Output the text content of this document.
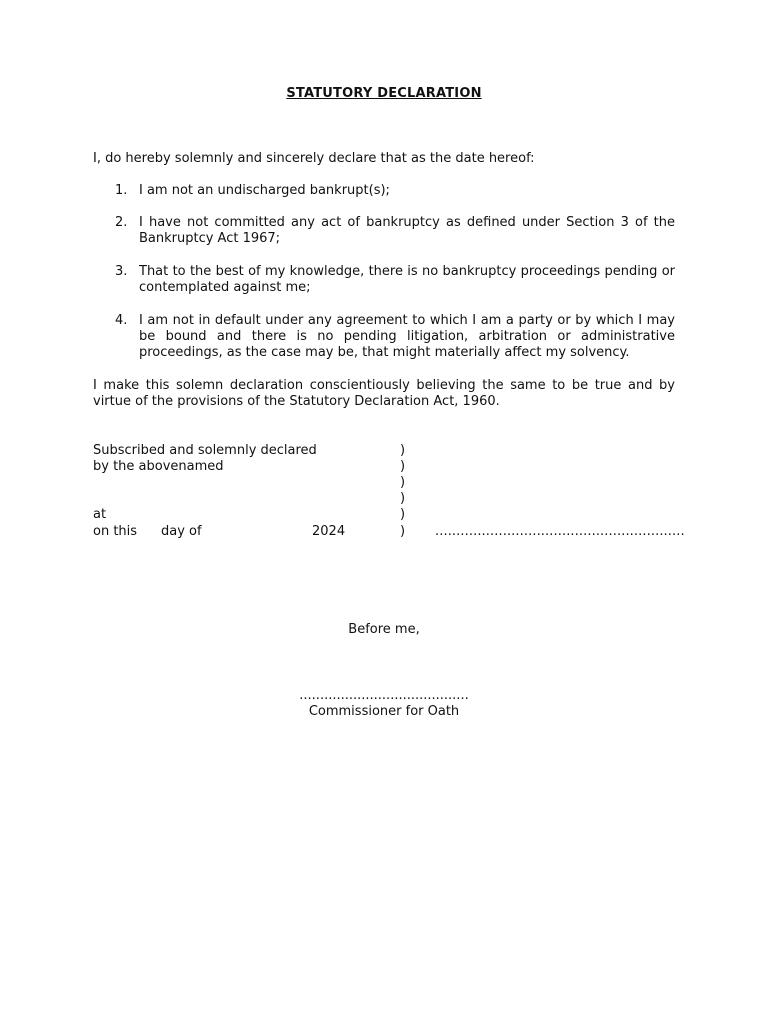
STATUTORY DECLARATION
I, do hereby solemnly and sincerely declare that as the date hereof:
1. I am not an undischarged bankrupt(s);
2. I have not committed any act of bankruptcy as defined under Section 3 of the Bankruptcy Act 1967;
3. That to the best of my knowledge, there is no bankruptcy proceedings pending or contemplated against me;
4. I am not in default under any agreement to which I am a party or by which I may be bound and there is no pending litigation, arbitration or administrative proceedings, as the case may be, that might materially affect my solvency.
I make this solemn declaration conscientiously believing the same to be true and by virtue of the provisions of the Statutory Declaration Act, 1960.
Subscribed and solemnly declared
by the abovenamed
at
on this day of	2024
)
)
)
)
)
) ...........................................................
Before me,
.........................................
Commissioner for Oath
